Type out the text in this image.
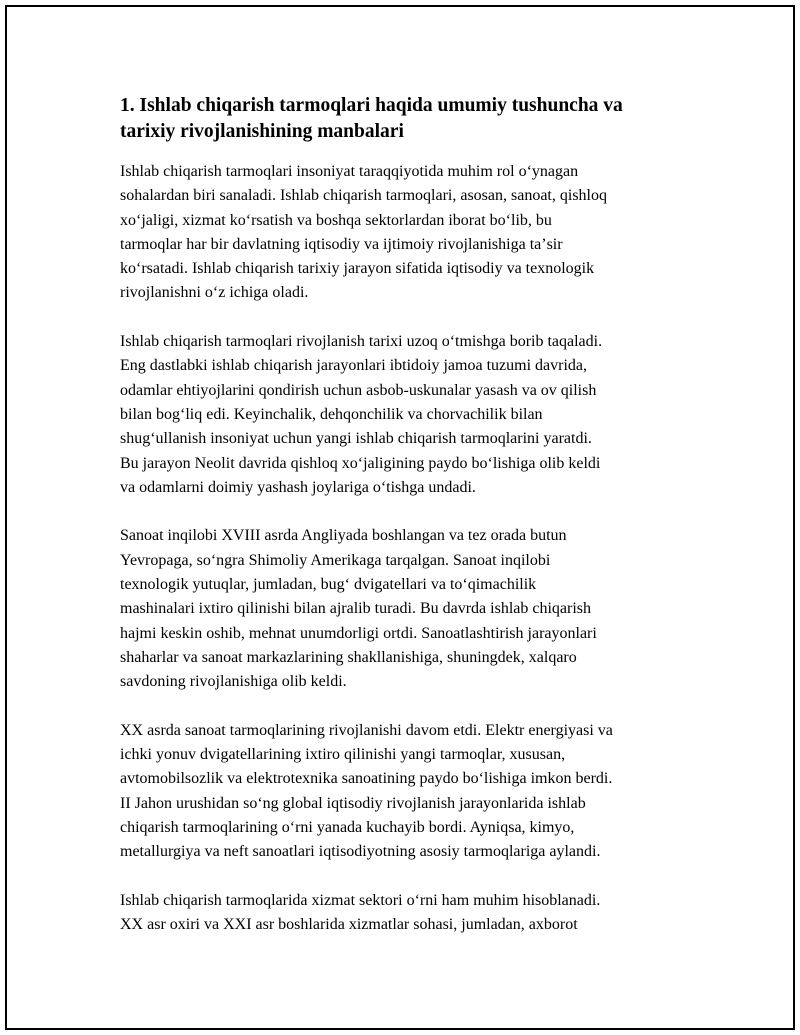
1. Ishlab chiqarish tarmoqlari haqida umumiy tushuncha va
tarixiy rivojlanishining manbalari

Ishlab chiqarish tarmoqlari insoniyat taraqqiyotida muhim rol oʻynagan
sohalardan biri sanaladi. Ishlab chiqarish tarmoqlari, asosan, sanoat, qishloq
xoʻjaligi, xizmat koʻrsatish va boshqa sektorlardan iborat boʻlib, bu
tarmoqlar har bir davlatning iqtisodiy va ijtimoiy rivojlanishiga taʼsir
koʻrsatadi. Ishlab chiqarish tarixiy jarayon sifatida iqtisodiy va texnologik
rivojlanishni oʻz ichiga oladi.

Ishlab chiqarish tarmoqlari rivojlanish tarixi uzoq oʻtmishga borib taqaladi.
Eng dastlabki ishlab chiqarish jarayonlari ibtidoiy jamoa tuzumi davrida,
odamlar ehtiyojlarini qondirish uchun asbob-uskunalar yasash va ov qilish
bilan bogʻliq edi. Keyinchalik, dehqonchilik va chorvachilik bilan
shugʻullanish insoniyat uchun yangi ishlab chiqarish tarmoqlarini yaratdi.
Bu jarayon Neolit davrida qishloq xoʻjaligining paydo boʻlishiga olib keldi
va odamlarni doimiy yashash joylariga oʻtishga undadi.

Sanoat inqilobi XVIII asrda Angliyada boshlangan va tez orada butun
Yevropaga, soʻngra Shimoliy Amerikaga tarqalgan. Sanoat inqilobi
texnologik yutuqlar, jumladan, bugʻ dvigatellari va toʻqimachilik
mashinalari ixtiro qilinishi bilan ajralib turadi. Bu davrda ishlab chiqarish
hajmi keskin oshib, mehnat unumdorligi ortdi. Sanoatlashtirish jarayonlari
shaharlar va sanoat markazlarining shakllanishiga, shuningdek, xalqaro
savdoning rivojlanishiga olib keldi.

XX asrda sanoat tarmoqlarining rivojlanishi davom etdi. Elektr energiyasi va
ichki yonuv dvigatellarining ixtiro qilinishi yangi tarmoqlar, xususan,
avtomobilsozlik va elektrotexnika sanoatining paydo boʻlishiga imkon berdi.
II Jahon urushidan soʻng global iqtisodiy rivojlanish jarayonlarida ishlab
chiqarish tarmoqlarining oʻrni yanada kuchayib bordi. Ayniqsa, kimyo,
metallurgiya va neft sanoatlari iqtisodiyotning asosiy tarmoqlariga aylandi.

Ishlab chiqarish tarmoqlarida xizmat sektori oʻrni ham muhim hisoblanadi.
XX asr oxiri va XXI asr boshlarida xizmatlar sohasi, jumladan, axborot
